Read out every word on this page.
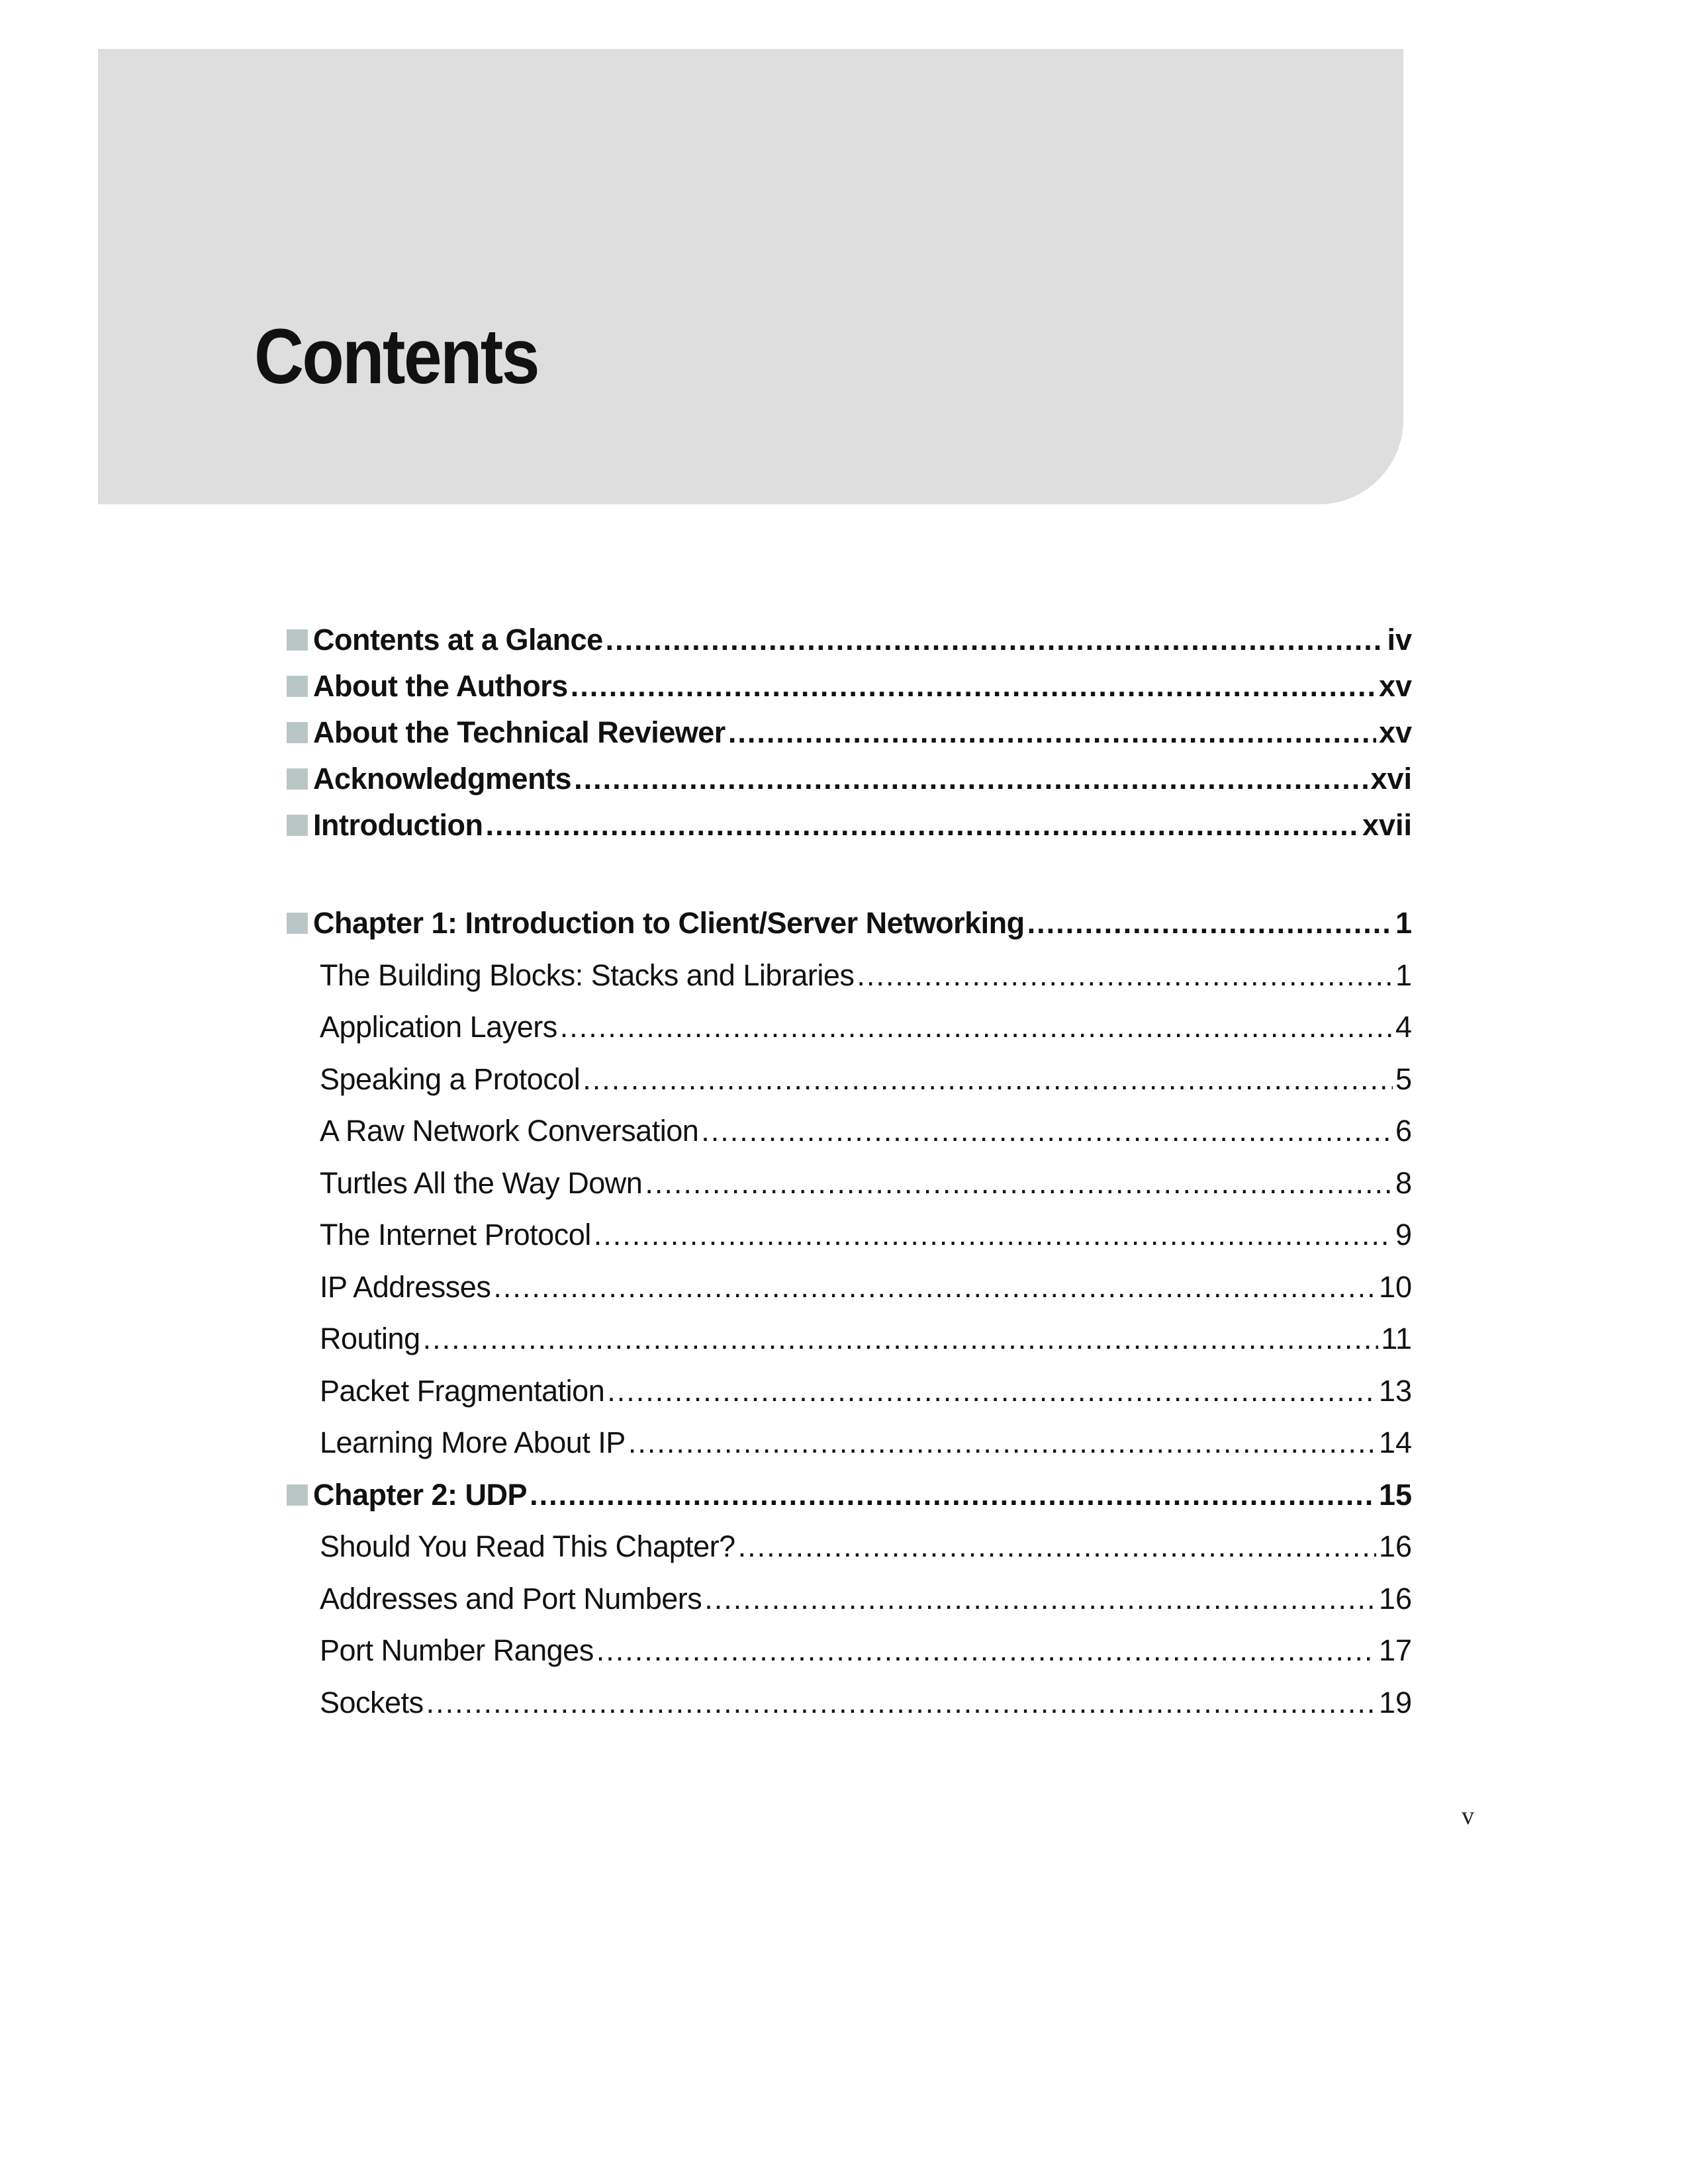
Contents
Contents at a Glance .....	iv
About the Authors .....	xv
About the Technical Reviewer .....	xv
Acknowledgments .....	xvi
Introduction .....	xvii
Chapter 1: Introduction to Client/Server Networking .....	1
The Building Blocks: Stacks and Libraries .....	1
Application Layers .....	4
Speaking a Protocol .....	5
A Raw Network Conversation .....	6
Turtles All the Way Down .....	8
The Internet Protocol .....	9
IP Addresses .....	10
Routing .....	11
Packet Fragmentation .....	13
Learning More About IP .....	14
Chapter 2: UDP .....	15
Should You Read This Chapter? .....	16
Addresses and Port Numbers .....	16
Port Number Ranges .....	17
Sockets .....	19
v
